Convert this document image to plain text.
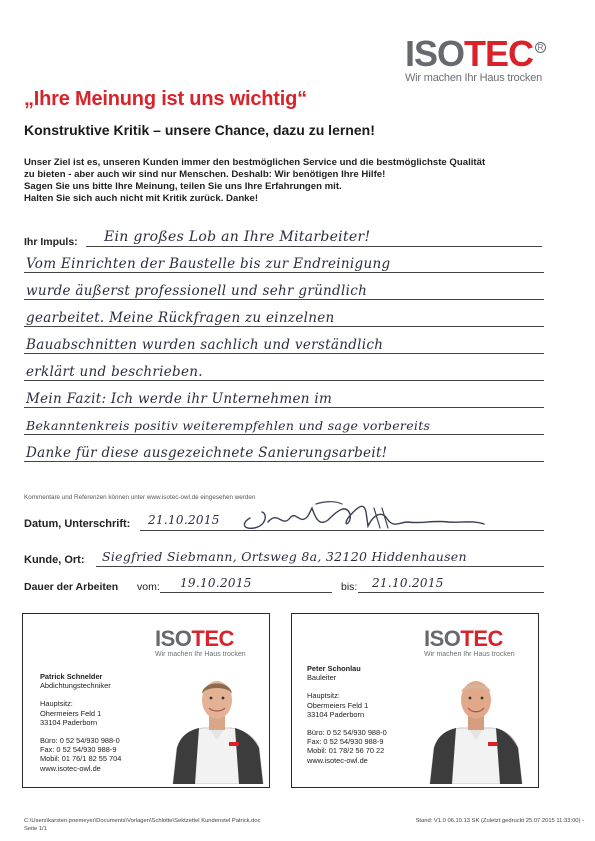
ISO TEC R
Wir machen Ihr Haus trocken
„Ihre Meinung ist uns wichtig“
Konstruktive Kritik – unsere Chance, dazu zu lernen!
Unser Ziel ist es, unseren Kunden immer den bestmöglichen Service und die bestmöglichste Qualität
zu bieten - aber auch wir sind nur Menschen. Deshalb: Wir benötigen Ihre Hilfe!
Sagen Sie uns bitte Ihre Meinung, teilen Sie uns Ihre Erfahrungen mit.
Halten Sie sich auch nicht mit Kritik zurück. Danke!
Ihr Impuls: Ein großes Lob an Ihre Mitarbeiter!
Vom Einrichten der Baustelle bis zur Endreinigung
wurde äußerst professionell und sehr gründlich
gearbeitet. Meine Rückfragen zu einzelnen
Bauabschnitten wurden sachlich und verständlich
erklärt und beschrieben.
Mein Fazit: Ich werde ihr Unternehmen im
Bekanntenkreis positiv weiterempfehlen und sage vorbereits
Danke für diese ausgezeichnete Sanierungsarbeit!
Kommentare und Referenzen können unter www.isotec-owl.de eingesehen werden
Datum, Unterschrift: 21.10.2015
Kunde, Ort: Siegfried Siebmann, Ortsweg 8a, 32120 Hiddenhausen
Dauer der Arbeiten vom: 19.10.2015	bis: 21.10.2015
ISO TEC
Wir machen Ihr Haus trocken
Patrick Schnelder
Abdichtungstechniker
Hauptsitz:
Ohermeiers Feld 1
33104 Paderborn
Büro: 0 52 54/930 988-0
Fax: 0 52 54/930 988-9
Mobil: 01 76/1 82 55 704
www.isotec-owl.de
ISO TEC
Wir machen Ihr Haus trocken
Peter Schonlau
Bauleiter
Hauptsitz:
Obermeiers Feld 1
33104 Paderborn
Büro: 0 52 54/930 988-0
Fax: 0 52 54/930 988-9
Mobil: 01 78/2 56 70 22
www.isotec-owl.de
C:\Users\karsten.poemeyer\Documents\Vorlagen\Schlotte\Sektzettel Kundenstel Patrick.doc	Stand: V1.0 06.10.13 SK (Zuletzt gedruckt 25.07.2015 11:33:00) -
Seite 1/1
